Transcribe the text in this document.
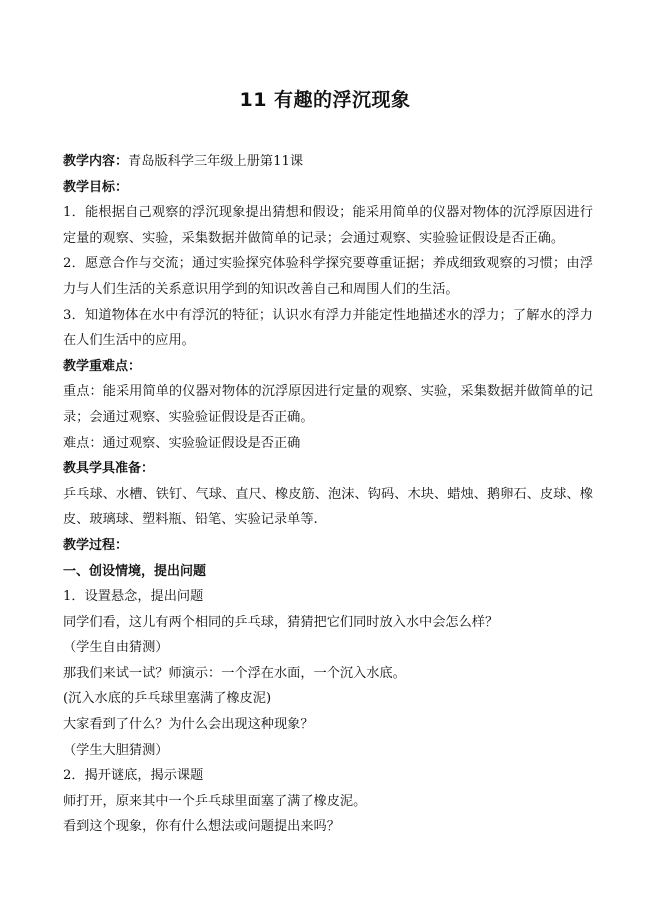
11 有趣的浮沉现象
教学内容：青岛版科学三年级上册第11课
教学目标：
1．能根据自己观察的浮沉现象提出猜想和假设；能采用简单的仪器对物体的沉浮原因进行定量的观察、实验，采集数据并做简单的记录；会通过观察、实验验证假设是否正确。
2．愿意合作与交流；通过实验探究体验科学探究要尊重证据；养成细致观察的习惯；由浮力与人们生活的关系意识用学到的知识改善自己和周围人们的生活。
3．知道物体在水中有浮沉的特征；认识水有浮力并能定性地描述水的浮力；了解水的浮力在人们生活中的应用。
教学重难点：
重点：能采用简单的仪器对物体的沉浮原因进行定量的观察、实验，采集数据并做简单的记录；会通过观察、实验验证假设是否正确。
难点：通过观察、实验验证假设是否正确
教具学具准备：
乒乓球、水槽、铁钉、气球、直尺、橡皮筋、泡沫、钩码、木块、蜡烛、鹅卵石、皮球、橡皮、玻璃球、塑料瓶、铅笔、实验记录单等.
教学过程：
一、创设情境，提出问题
1．设置悬念，提出问题
同学们看，这儿有两个相同的乒乓球，猜猜把它们同时放入水中会怎么样？
（学生自由猜测）
那我们来试一试？师演示：一个浮在水面，一个沉入水底。
(沉入水底的乒乓球里塞满了橡皮泥)
大家看到了什么？为什么会出现这种现象？
（学生大胆猜测）
2．揭开谜底，揭示课题
师打开，原来其中一个乒乓球里面塞了满了橡皮泥。
看到这个现象，你有什么想法或问题提出来吗？
